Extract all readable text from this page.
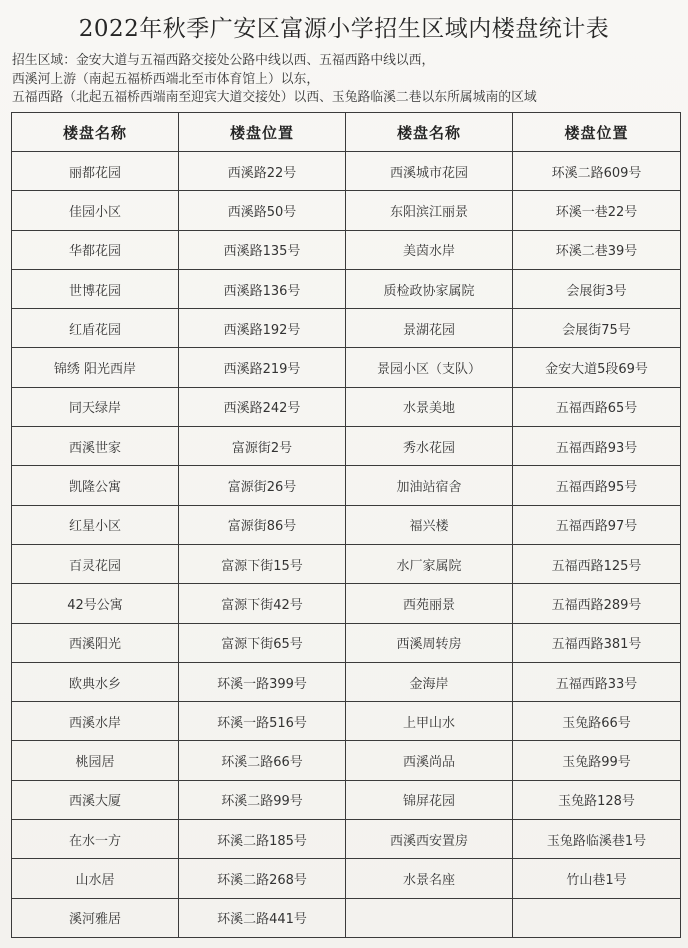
2022年秋季广安区富源小学招生区域内楼盘统计表
招生区域：金安大道与五福西路交接处公路中线以西、五福西路中线以西，
西溪河上游（南起五福桥西端北至市体育馆上）以东，
五福西路（北起五福桥西端南至迎宾大道交接处）以西、玉兔路临溪二巷以东所属城南的区域
楼盘名称	楼盘位置	楼盘名称	楼盘位置
丽都花园	西溪路22号	西溪城市花园	环溪二路609号
佳园小区	西溪路50号	东阳滨江丽景	环溪一巷22号
华都花园	西溪路135号	美茵水岸	环溪二巷39号
世博花园	西溪路136号	质检政协家属院	会展街3号
红盾花园	西溪路192号	景湖花园	会展街75号
锦绣 阳光西岸	西溪路219号	景园小区（支队）	金安大道5段69号
同天绿岸	西溪路242号	水景美地	五福西路65号
西溪世家	富源街2号	秀水花园	五福西路93号
凯隆公寓	富源街26号	加油站宿舍	五福西路95号
红星小区	富源街86号	福兴楼	五福西路97号
百灵花园	富源下街15号	水厂家属院	五福西路125号
42号公寓	富源下街42号	西苑丽景	五福西路289号
西溪阳光	富源下街65号	西溪周转房	五福西路381号
欧典水乡	环溪一路399号	金海岸	五福西路33号
西溪水岸	环溪一路516号	上甲山水	玉兔路66号
桃园居	环溪二路66号	西溪尚品	玉兔路99号
西溪大厦	环溪二路99号	锦屏花园	玉兔路128号
在水一方	环溪二路185号	西溪西安置房	玉兔路临溪巷1号
山水居	环溪二路268号	水景名座	竹山巷1号
溪河雅居	环溪二路441号		
